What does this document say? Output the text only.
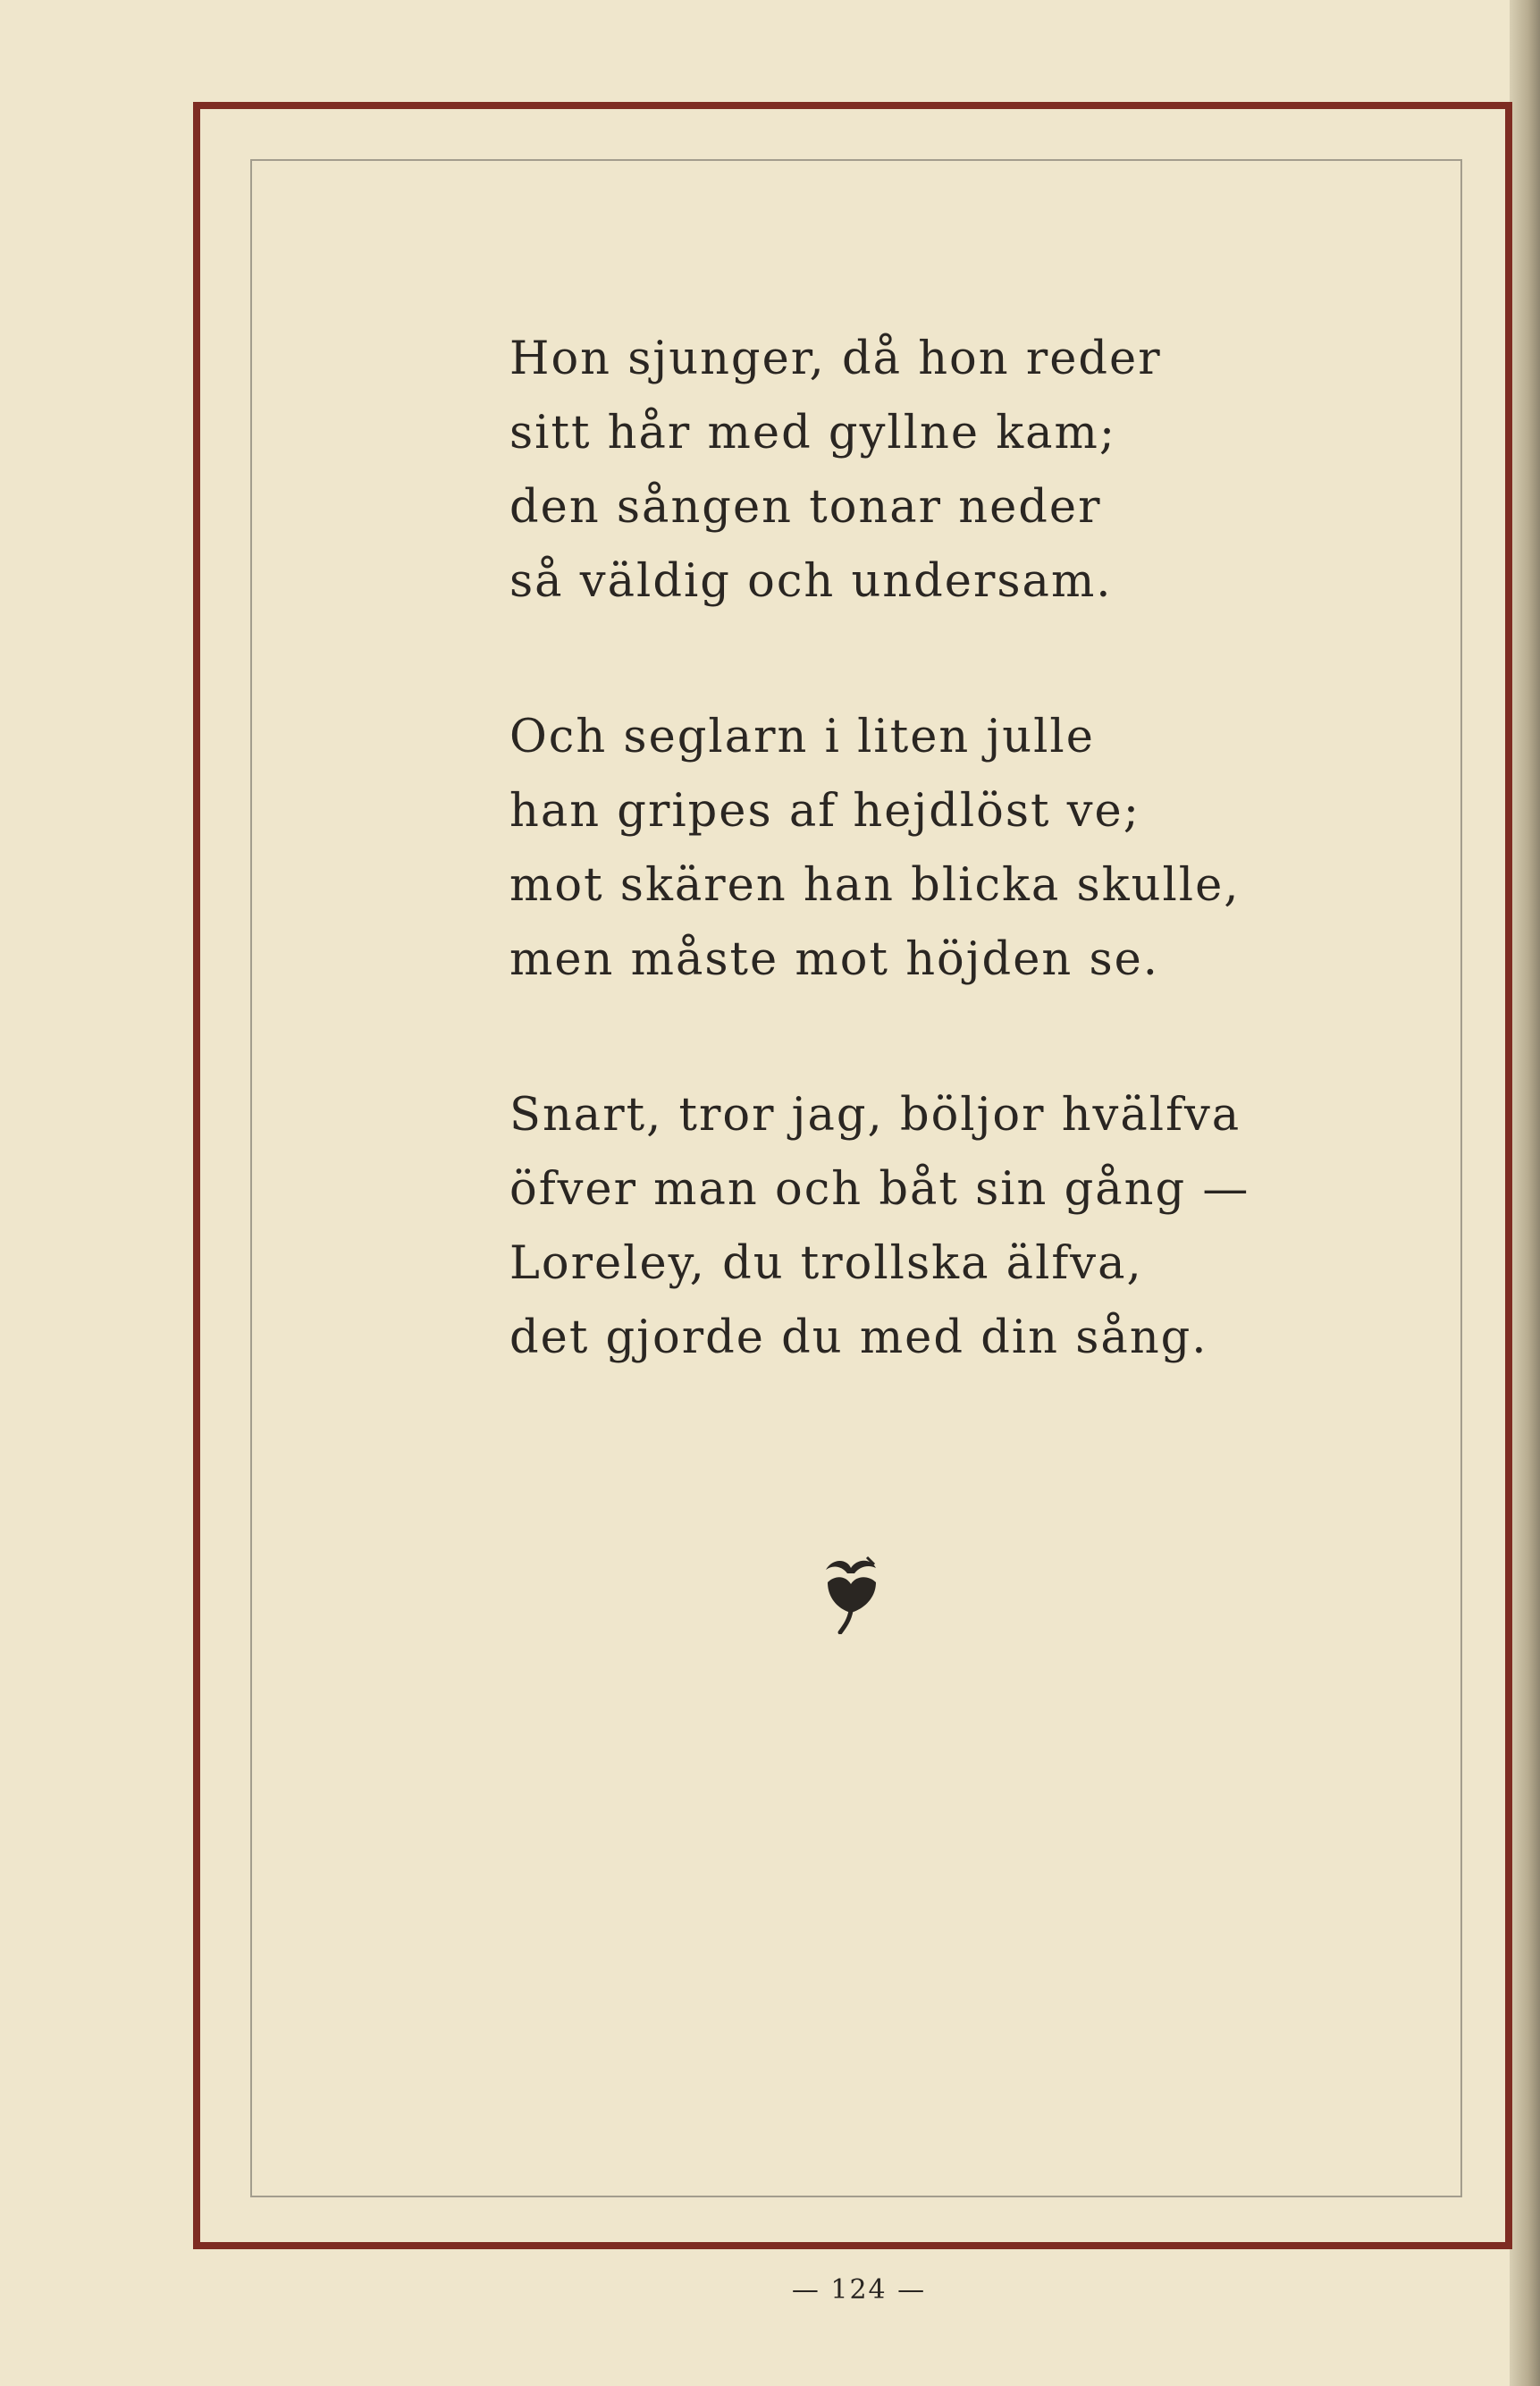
Hon sjunger, då hon reder
sitt hår med gyllne kam;
den sången tonar neder
så väldig och undersam.
Och seglarn i liten julle
han gripes af hejdlöst ve;
mot skären han blicka skulle,
men måste mot höjden se.
Snart, tror jag, böljor hvälfva
öfver man och båt sin gång —
Loreley, du trollska älfva,
det gjorde du med din sång.
— 124 —
